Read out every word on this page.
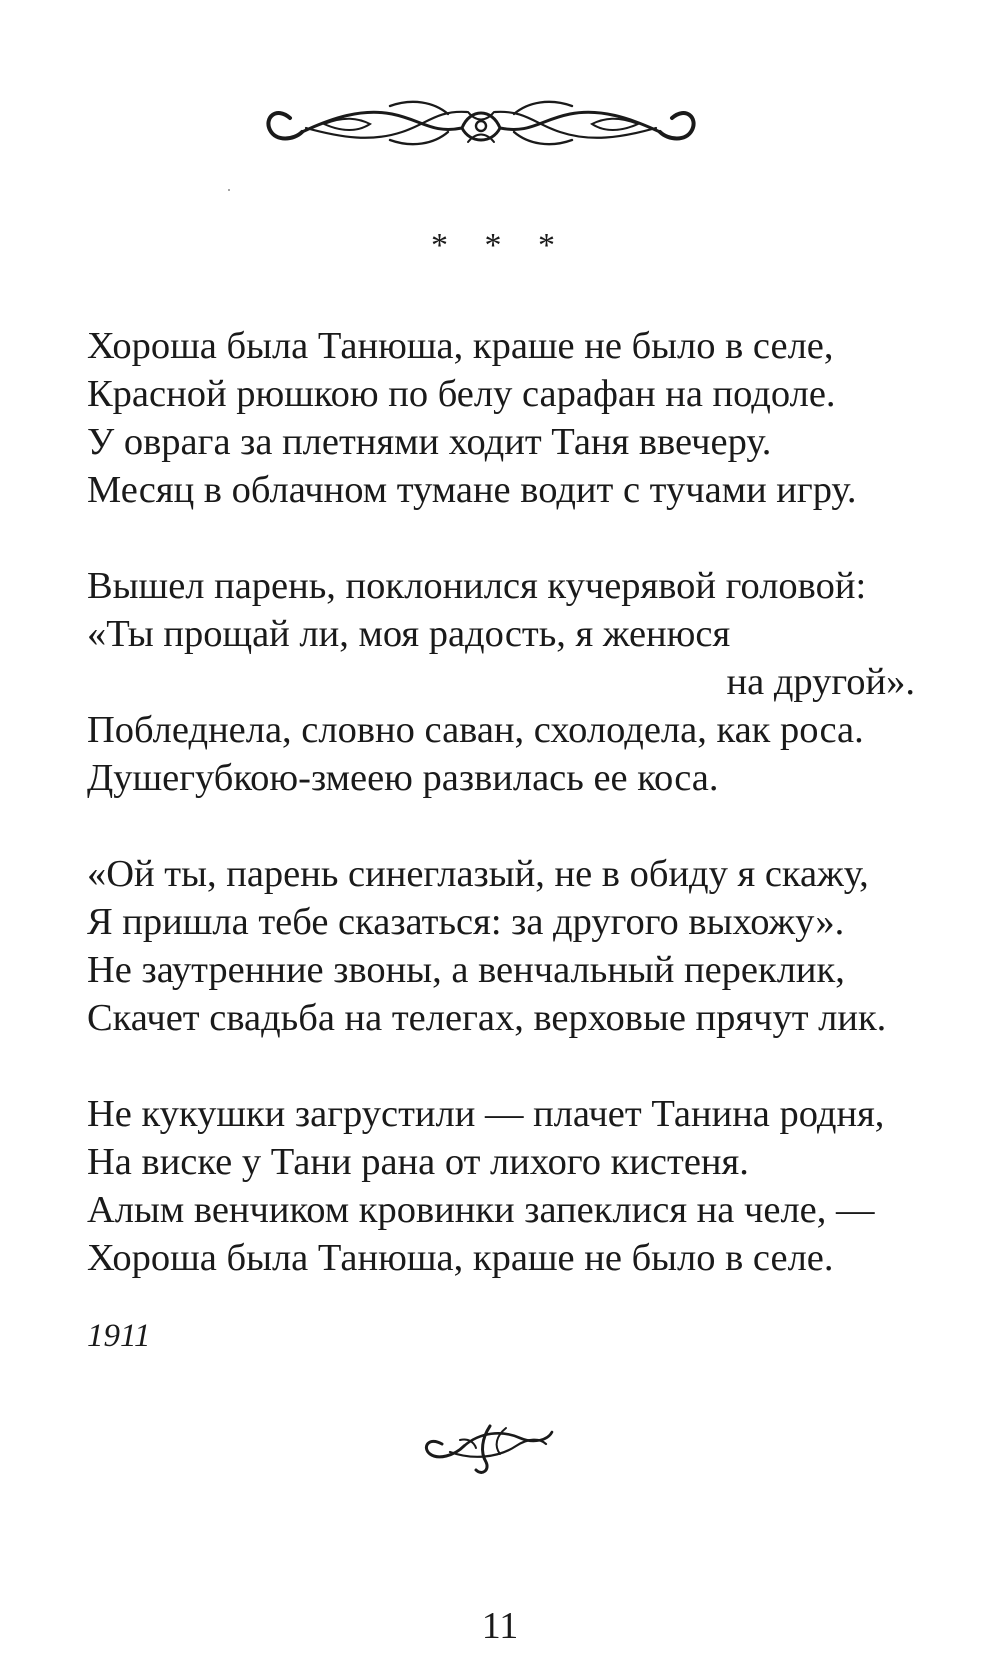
* * *
Хороша была Танюша, краше не было в селе,
Красной рюшкою по белу сарафан на подоле.
У оврага за плетнями ходит Таня ввечеру.
Месяц в облачном тумане водит с тучами игру.
Вышел парень, поклонился кучерявой головой:
«Ты прощай ли, моя радость, я женюся
на другой».
Побледнела, словно саван, схолодела, как роса.
Душегубкою-змеею развилась ее коса.
«Ой ты, парень синеглазый, не в обиду я скажу,
Я пришла тебе сказаться: за другого выхожу».
Не заутренние звоны, а венчальный переклик,
Скачет свадьба на телегах, верховые прячут лик.
Не кукушки загрустили — плачет Танина родня,
На виске у Тани рана от лихого кистеня.
Алым венчиком кровинки запеклися на челе, —
Хороша была Танюша, краше не было в селе.
1911
11
